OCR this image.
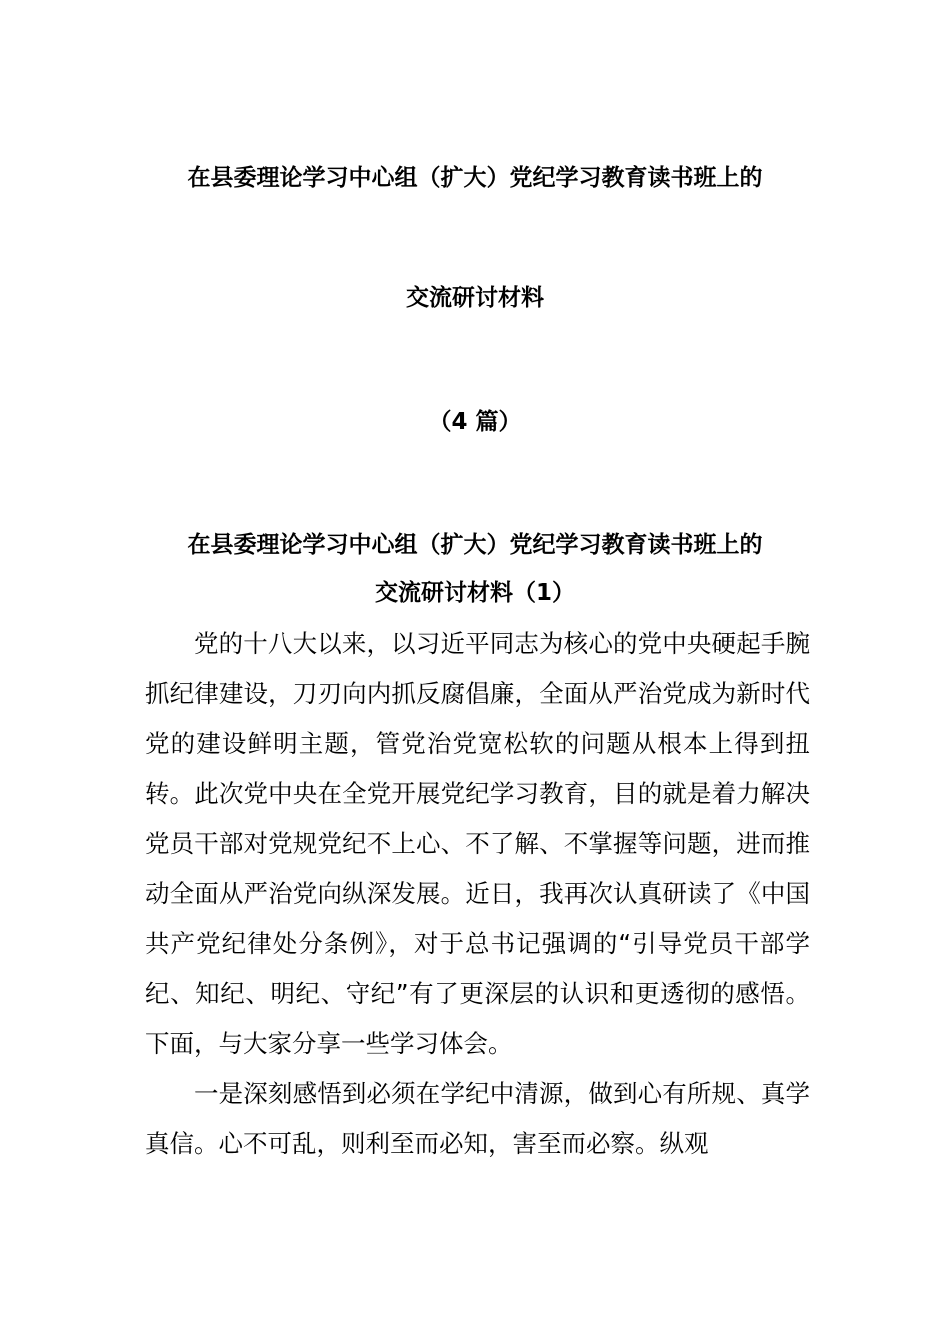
在县委理论学习中心组（扩大）党纪学习教育读书班上的
交流研讨材料
（4 篇）
在县委理论学习中心组（扩大）党纪学习教育读书班上的
交流研讨材料（1）

党的十八大以来，以习近平同志为核心的党中央硬起手腕抓纪律建设，刀刃向内抓反腐倡廉，全面从严治党成为新时代党的建设鲜明主题，管党治党宽松软的问题从根本上得到扭转。此次党中央在全党开展党纪学习教育，目的就是着力解决党员干部对党规党纪不上心、不了解、不掌握等问题，进而推动全面从严治党向纵深发展。近日，我再次认真研读了《中国共产党纪律处分条例》，对于总书记强调的“引导党员干部学纪、知纪、明纪、守纪”有了更深层的认识和更透彻的感悟。下面，与大家分享一些学习体会。

一是深刻感悟到必须在学纪中清源，做到心有所规、真学真信。心不可乱，则利至而必知，害至而必察。纵观
